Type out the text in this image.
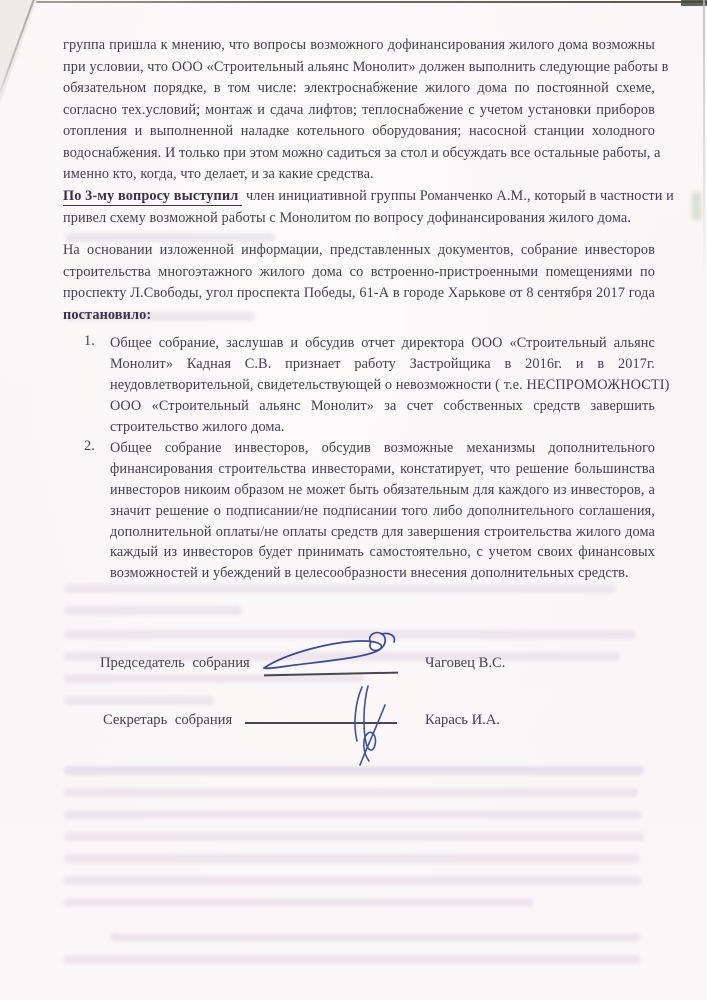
группа пришла к мнению, что вопросы возможного дофинансирования жилого дома возможны
при условии, что ООО «Строительный альянс Монолит» должен выполнить следующие работы в
обязательном порядке, в том числе: электроснабжение жилого дома по постоянной схеме,
согласно тех.условий; монтаж и сдача лифтов; теплоснабжение с учетом установки приборов
отопления и выполненной наладке котельного оборудования; насосной станции холодного
водоснабжения. И только при этом можно садиться за стол и обсуждать все остальные работы, а
именно кто, когда, что делает, и за какие средства.
По 3-му вопросу выступил член инициативной группы Романченко А.М., который в частности и
привел схему возможной работы с Монолитом по вопросу дофинансирования жилого дома.
На основании изложенной информации, представленных документов, собрание инвесторов
строительства многоэтажного жилого дома со встроенно-пристроенными помещениями по
проспекту Л.Свободы, угол проспекта Победы, 61-А в городе Харькове от 8 сентября 2017 года
постановило:
1. Общее собрание, заслушав и обсудив отчет директора ООО «Строительный альянс
Монолит» Кадная С.В. признает работу Застройщика в 2016г. и в 2017г.
неудовлетворительной, свидетельствующей о невозможности ( т.е. НЕСПРОМОЖНОСТІ)
ООО «Строительный альянс Монолит» за счет собственных средств завершить
строительство жилого дома.
2. Общее собрание инвесторов, обсудив возможные механизмы дополнительного
финансирования строительства инвесторами, констатирует, что решение большинства
инвесторов никоим образом не может быть обязательным для каждого из инвесторов, а
значит решение о подписании/не подписании того либо дополнительного соглашения,
дополнительной оплаты/не оплаты средств для завершения строительства жилого дома
каждый из инвесторов будет принимать самостоятельно, с учетом своих финансовых
возможностей и убеждений в целесообразности внесения дополнительных средств.
Председатель собрания	Чаговец В.С.
Секретарь собрания	Карась И.А.
